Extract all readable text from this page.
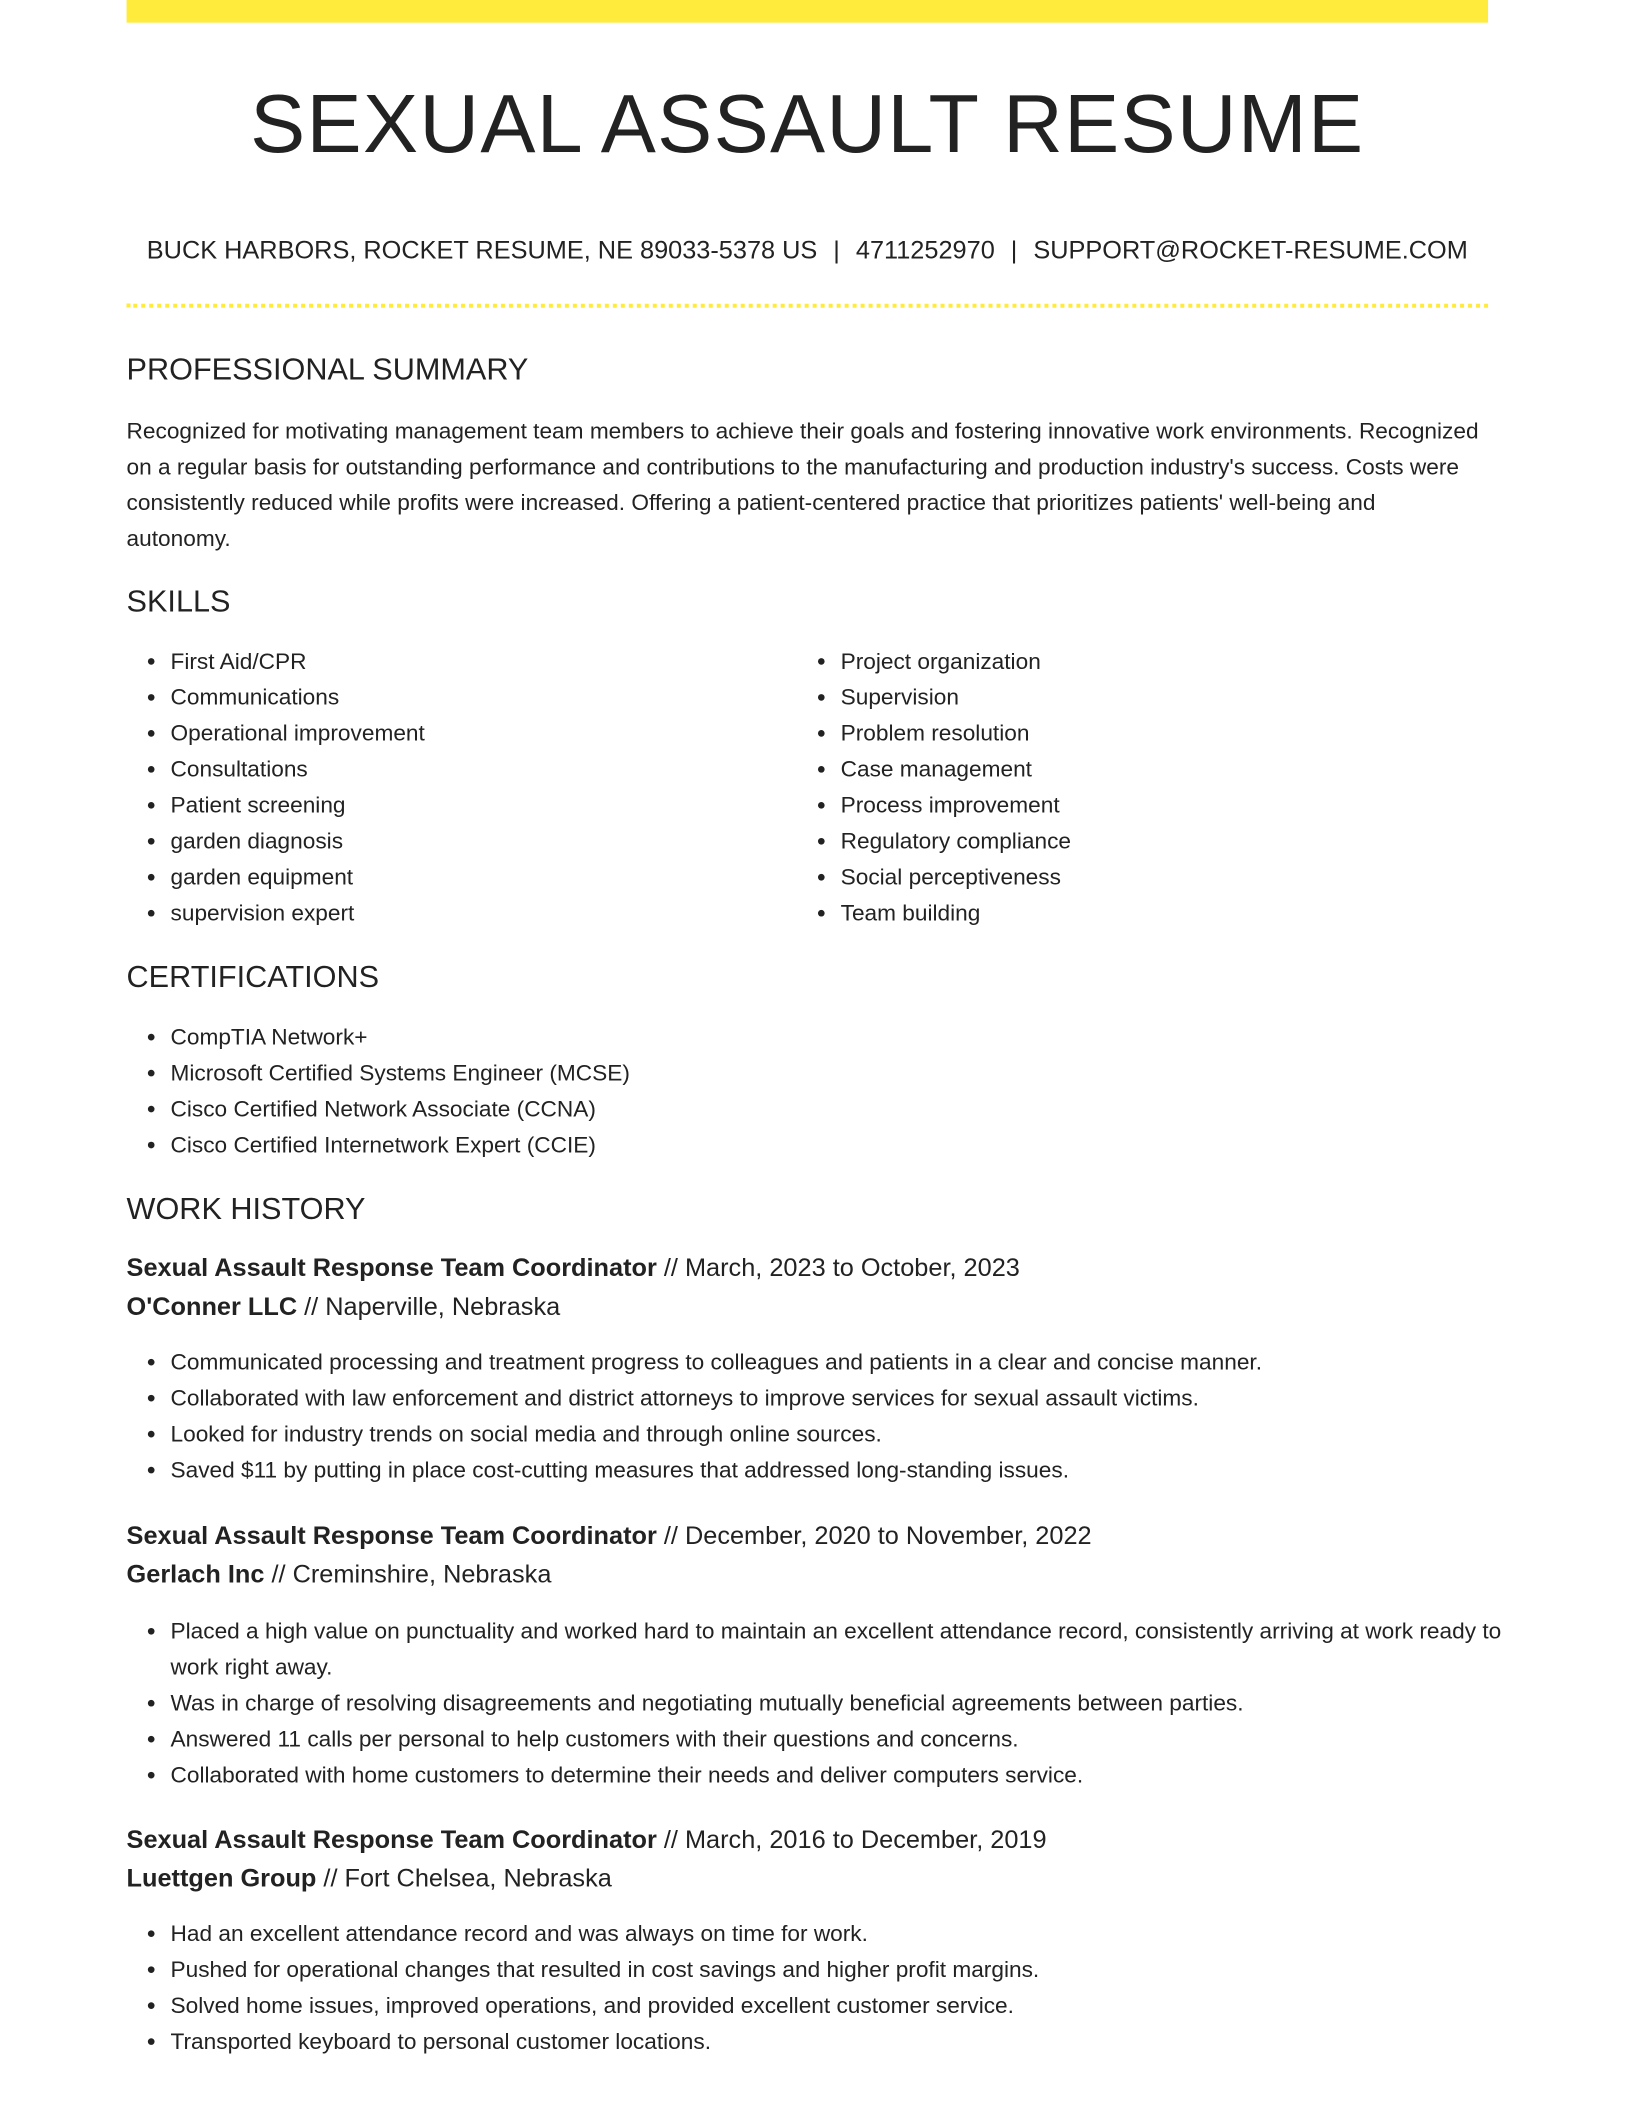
SEXUAL ASSAULT RESUME
BUCK HARBORS, ROCKET RESUME, NE 89033-5378 US | 4711252970 | SUPPORT@ROCKET-RESUME.COM
PROFESSIONAL SUMMARY
Recognized for motivating management team members to achieve their goals and fostering innovative work environments. Recognized on a regular basis for outstanding performance and contributions to the manufacturing and production industry's success. Costs were consistently reduced while profits were increased. Offering a patient-centered practice that prioritizes patients' well-being and autonomy.
SKILLS
• First Aid/CPR
• Communications
• Operational improvement
• Consultations
• Patient screening
• garden diagnosis
• garden equipment
• supervision expert
• Project organization
• Supervision
• Problem resolution
• Case management
• Process improvement
• Regulatory compliance
• Social perceptiveness
• Team building
CERTIFICATIONS
• CompTIA Network+
• Microsoft Certified Systems Engineer (MCSE)
• Cisco Certified Network Associate (CCNA)
• Cisco Certified Internetwork Expert (CCIE)
WORK HISTORY
Sexual Assault Response Team Coordinator // March, 2023 to October, 2023
O'Conner LLC // Naperville, Nebraska
• Communicated processing and treatment progress to colleagues and patients in a clear and concise manner.
• Collaborated with law enforcement and district attorneys to improve services for sexual assault victims.
• Looked for industry trends on social media and through online sources.
• Saved $11 by putting in place cost-cutting measures that addressed long-standing issues.
Sexual Assault Response Team Coordinator // December, 2020 to November, 2022
Gerlach Inc // Creminshire, Nebraska
• Placed a high value on punctuality and worked hard to maintain an excellent attendance record, consistently arriving at work ready to work right away.
• Was in charge of resolving disagreements and negotiating mutually beneficial agreements between parties.
• Answered 11 calls per personal to help customers with their questions and concerns.
• Collaborated with home customers to determine their needs and deliver computers service.
Sexual Assault Response Team Coordinator // March, 2016 to December, 2019
Luettgen Group // Fort Chelsea, Nebraska
• Had an excellent attendance record and was always on time for work.
• Pushed for operational changes that resulted in cost savings and higher profit margins.
• Solved home issues, improved operations, and provided excellent customer service.
• Transported keyboard to personal customer locations.
